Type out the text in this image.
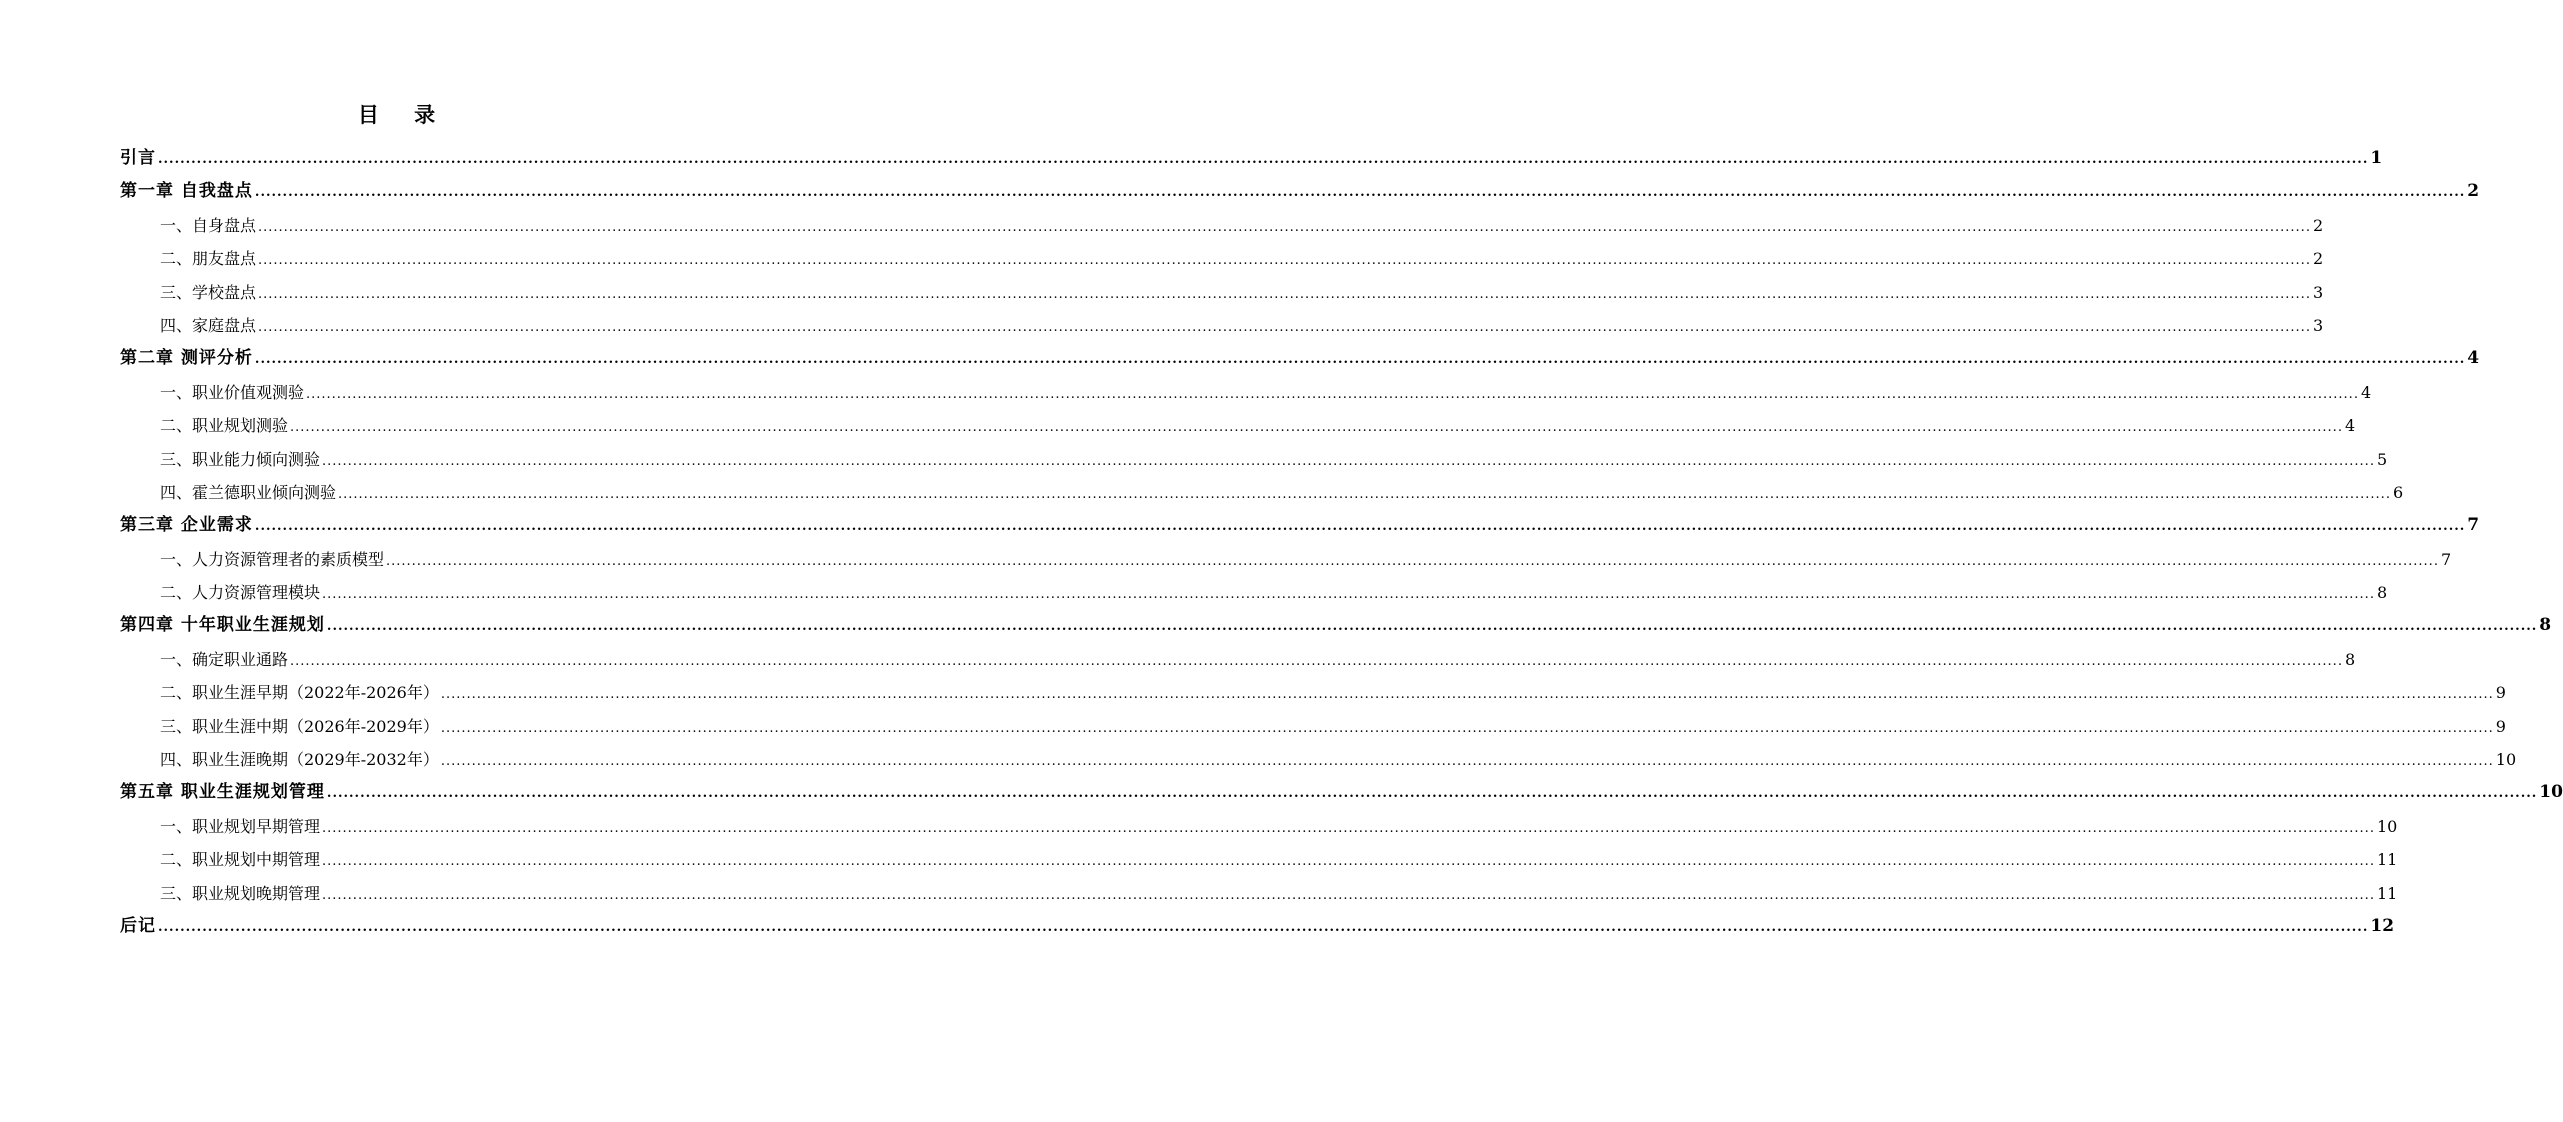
目 录
引言 ................................................................................................................................................................................................................................................................................................................................................................................................................ 1
第一章 自我盘点 ................................................................................................................................................................................................................................................................................................................................................................................................................ 2
一、自身盘点 ................................................................................................................................................................................................................................................................................................................................................................................................................ 2
二、朋友盘点 ................................................................................................................................................................................................................................................................................................................................................................................................................ 2
三、学校盘点 ................................................................................................................................................................................................................................................................................................................................................................................................................ 3
四、家庭盘点 ................................................................................................................................................................................................................................................................................................................................................................................................................ 3
第二章 测评分析 ................................................................................................................................................................................................................................................................................................................................................................................................................ 4
一、职业价值观测验 ................................................................................................................................................................................................................................................................................................................................................................................................................ 4
二、职业规划测验 ................................................................................................................................................................................................................................................................................................................................................................................................................ 4
三、职业能力倾向测验 ................................................................................................................................................................................................................................................................................................................................................................................................................ 5
四、霍兰德职业倾向测验 ................................................................................................................................................................................................................................................................................................................................................................................................................ 6
第三章 企业需求 ................................................................................................................................................................................................................................................................................................................................................................................................................ 7
一、人力资源管理者的素质模型 ................................................................................................................................................................................................................................................................................................................................................................................................................ 7
二、人力资源管理模块 ................................................................................................................................................................................................................................................................................................................................................................................................................ 8
第四章 十年职业生涯规划 ................................................................................................................................................................................................................................................................................................................................................................................................................ 8
一、确定职业通路 ................................................................................................................................................................................................................................................................................................................................................................................................................ 8
二、职业生涯早期（2022年-2026年） ................................................................................................................................................................................................................................................................................................................................................................................................................ 9
三、职业生涯中期（2026年-2029年） ................................................................................................................................................................................................................................................................................................................................................................................................................ 9
四、职业生涯晚期（2029年-2032年） ................................................................................................................................................................................................................................................................................................................................................................................................................ 10
第五章 职业生涯规划管理 ................................................................................................................................................................................................................................................................................................................................................................................................................ 10
一、职业规划早期管理 ................................................................................................................................................................................................................................................................................................................................................................................................................ 10
二、职业规划中期管理 ................................................................................................................................................................................................................................................................................................................................................................................................................ 11
三、职业规划晚期管理 ................................................................................................................................................................................................................................................................................................................................................................................................................ 11
后记 ................................................................................................................................................................................................................................................................................................................................................................................................................ 12
